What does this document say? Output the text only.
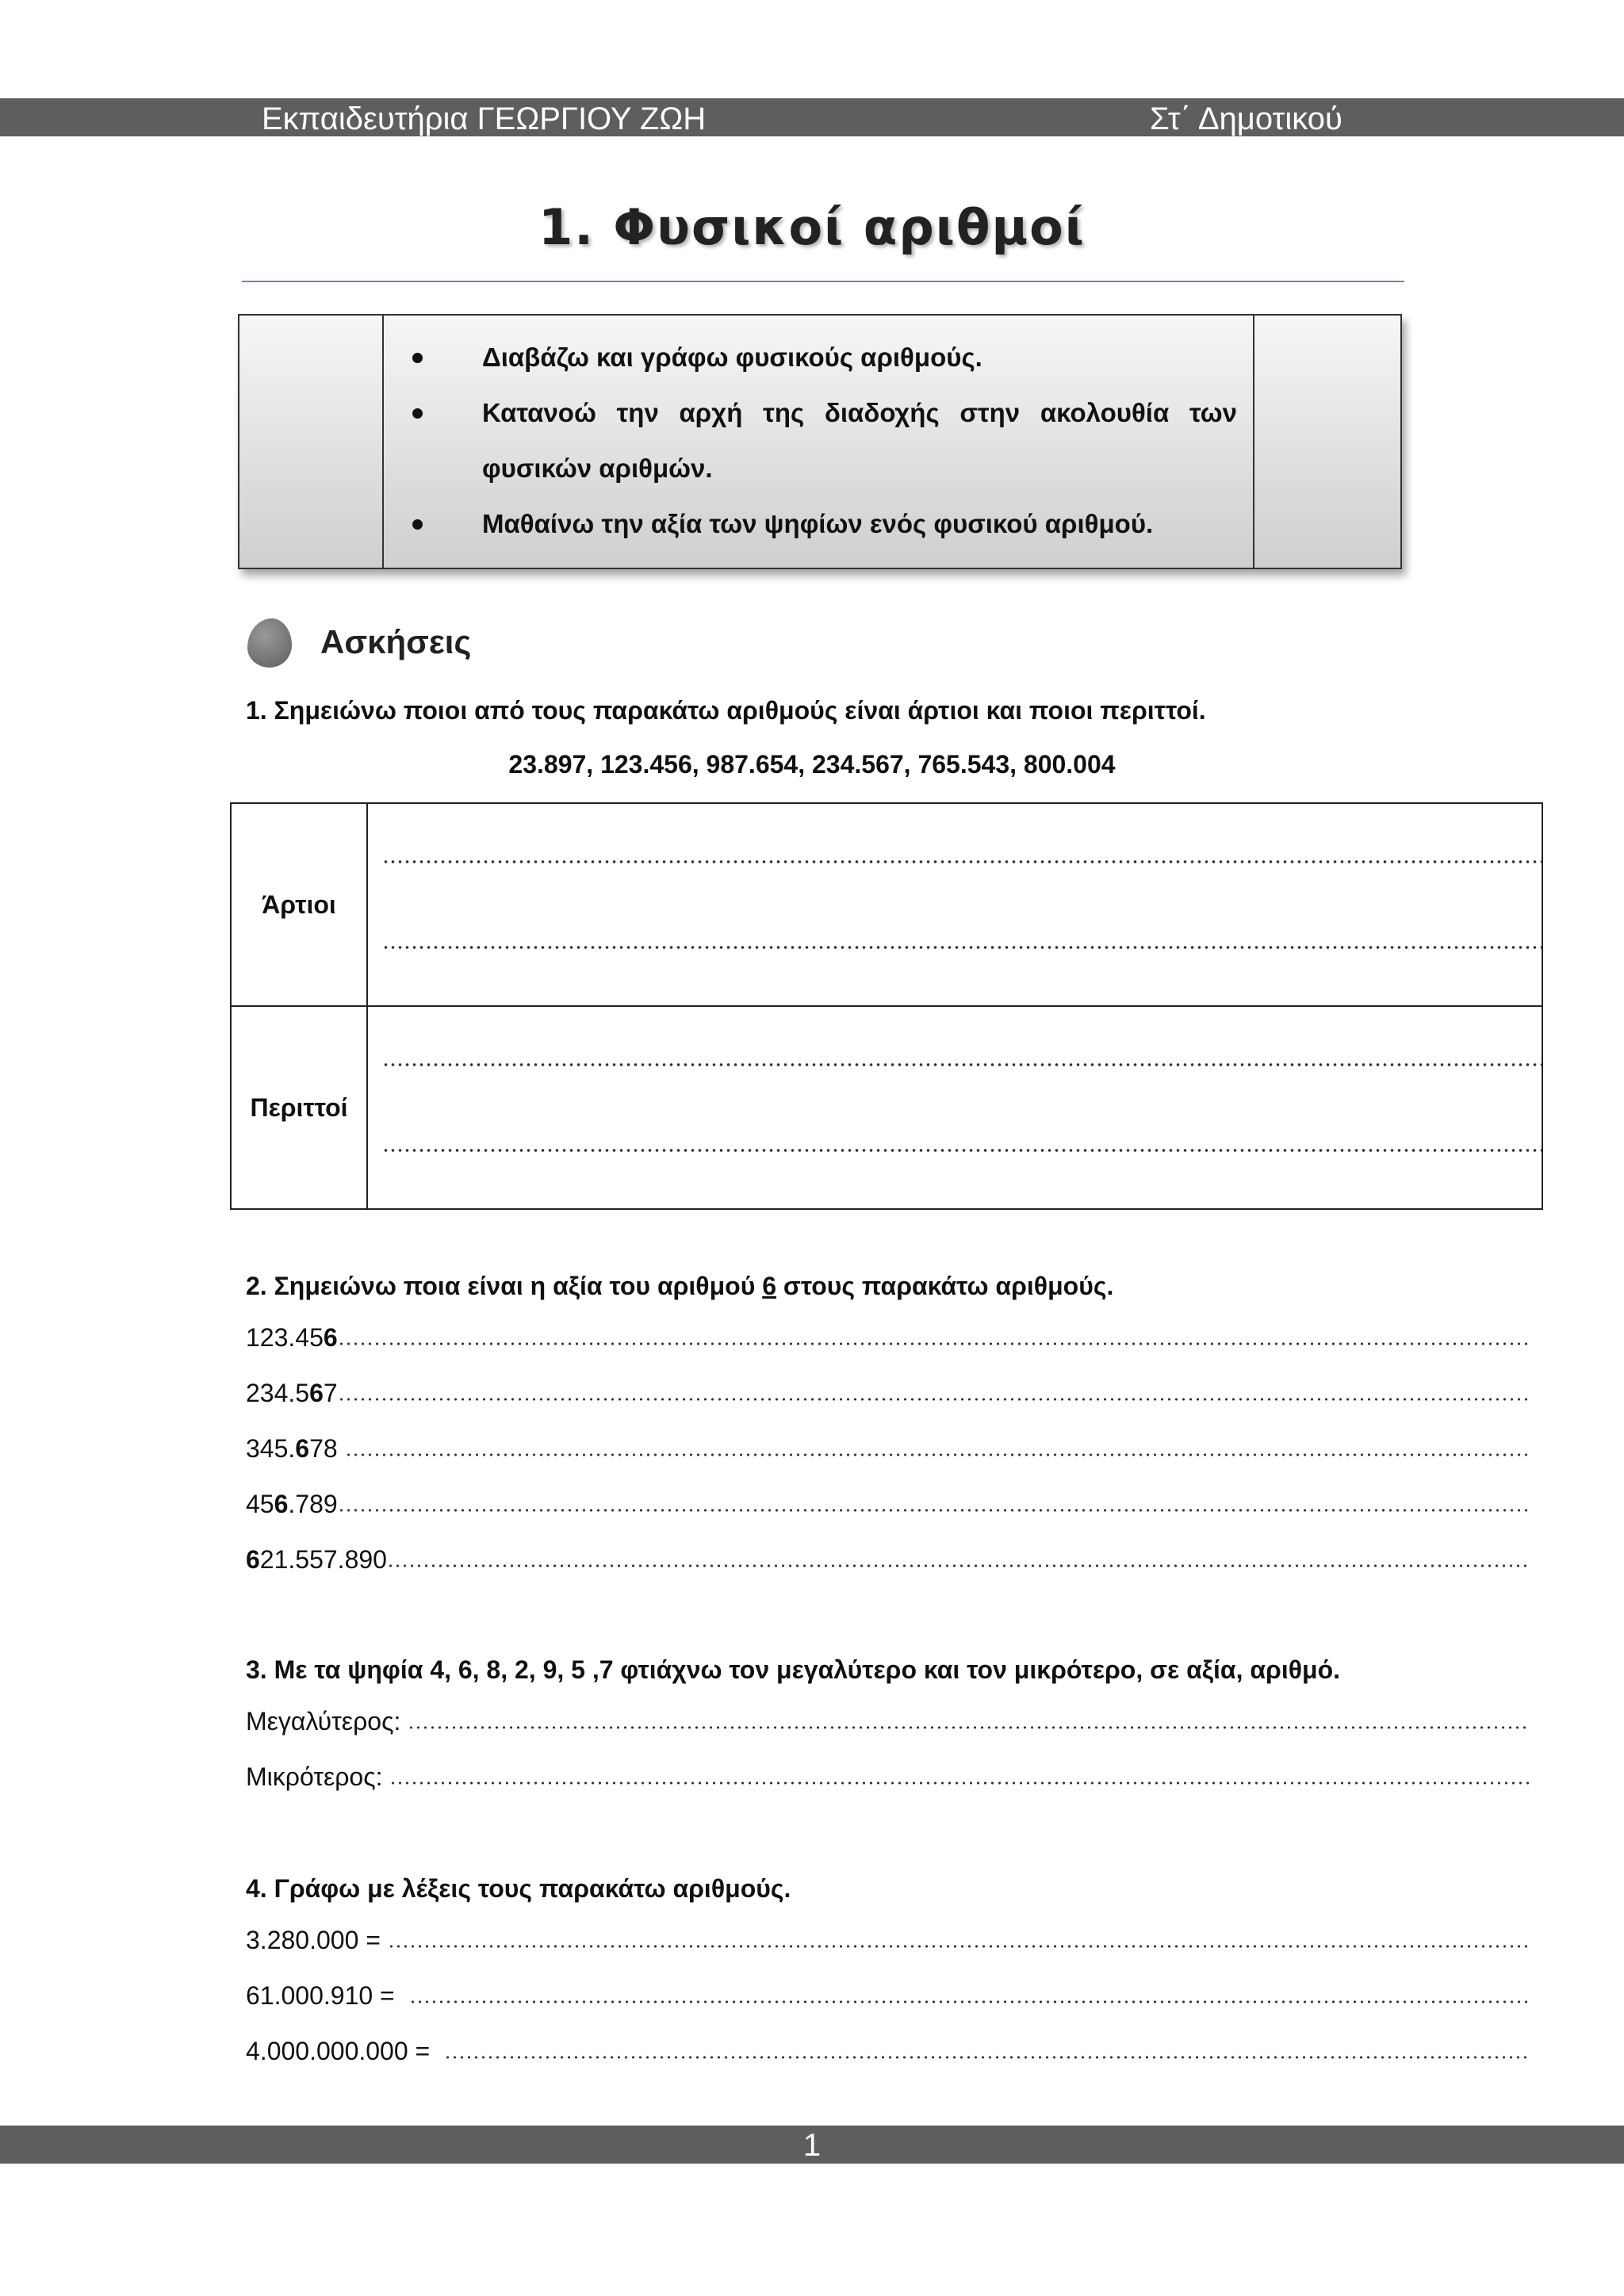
Εκπαιδευτήρια ΓΕΩΡΓΙΟΥ ΖΩΗ	Στ΄ Δημοτικού
1. Φυσικοί αριθμοί
Διαβάζω και γράφω φυσικούς αριθμούς.
Κατανοώ την αρχή της διαδοχής στην ακολουθία των φυσικών αριθμών.
Μαθαίνω την αξία των ψηφίων ενός φυσικού αριθμού.
Ασκήσεις
1. Σημειώνω ποιοι από τους παρακάτω αριθμούς είναι άρτιοι και ποιοι περιττοί.
23.897, 123.456, 987.654, 234.567, 765.543, 800.004
Άρτιοι	

Περιττοί	
2. Σημειώνω ποια είναι η αξία του αριθμού 6 στους παρακάτω αριθμούς.
123.456
234.567
345.678
456.789
621.557.890
3. Με τα ψηφία 4, 6, 8, 2, 9, 5 ,7 φτιάχνω τον μεγαλύτερο και τον μικρότερο, σε αξία, αριθμό.
Μεγαλύτερος:
Μικρότερος:
4. Γράφω με λέξεις τους παρακάτω αριθμούς.
3.280.000 =
61.000.910 =
4.000.000.000 =
1
